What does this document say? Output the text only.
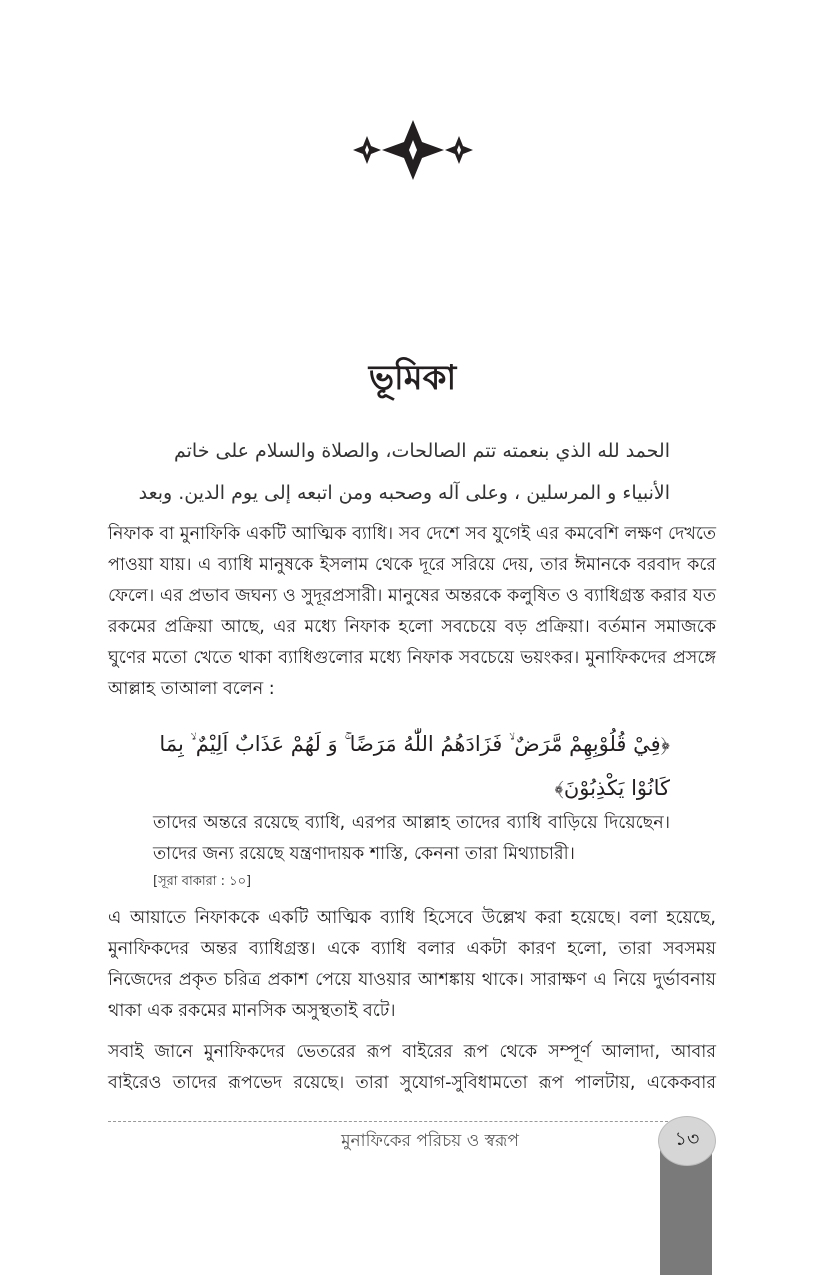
ভূমিকা
الحمد لله الذي بنعمته تتم الصالحات، والصلاة والسلام على خاتم
الأنبياء و المرسلين ، وعلى آله وصحبه ومن اتبعه إلى يوم الدين. وبعد

নিফাক বা মুনাফিকি একটি আত্মিক ব্যাধি। সব দেশে সব যুগেই এর কমবেশি লক্ষণ দেখতে পাওয়া যায়। এ ব্যাধি মানুষকে ইসলাম থেকে দূরে সরিয়ে দেয়, তার ঈমানকে বরবাদ করে ফেলে। এর প্রভাব জঘন্য ও সুদূরপ্রসারী। মানুষের অন্তরকে কলুষিত ও ব্যাধিগ্রস্ত করার যত রকমের প্রক্রিয়া আছে, এর মধ্যে নিফাক হলো সবচেয়ে বড় প্রক্রিয়া। বর্তমান সমাজকে ঘুণের মতো খেতে থাকা ব্যাধিগুলোর মধ্যে নিফাক সবচেয়ে ভয়ংকর। মুনাফিকদের প্রসঙ্গে আল্লাহ তাআলা বলেন :

﴿فِيْ قُلُوْبِهِمْ مَّرَضٌ ۙ فَزَادَهُمُ اللّٰهُ مَرَضًا ۚ وَ لَهُمْ عَذَابٌ اَلِيْمٌ ۙ بِمَا كَانُوْا يَكْذِبُوْنَ﴾

তাদের অন্তরে রয়েছে ব্যাধি, এরপর আল্লাহ তাদের ব্যাধি বাড়িয়ে দিয়েছেন। তাদের জন্য রয়েছে যন্ত্রণাদায়ক শাস্তি, কেননা তারা মিথ্যাচারী।

[সূরা বাকারা : ১০]

এ আয়াতে নিফাককে একটি আত্মিক ব্যাধি হিসেবে উল্লেখ করা হয়েছে। বলা হয়েছে, মুনাফিকদের অন্তর ব্যাধিগ্রস্ত। একে ব্যাধি বলার একটা কারণ হলো, তারা সবসময় নিজেদের প্রকৃত চরিত্র প্রকাশ পেয়ে যাওয়ার আশঙ্কায় থাকে। সারাক্ষণ এ নিয়ে দুর্ভাবনায় থাকা এক রকমের মানসিক অসুস্থতাই বটে।

সবাই জানে মুনাফিকদের ভেতরের রূপ বাইরের রূপ থেকে সম্পূর্ণ আলাদা, আবার বাইরেও তাদের রূপভেদ রয়েছে। তারা সুযোগ-সুবিধামতো রূপ পালটায়, একেকবার

মুনাফিকের পরিচয় ও স্বরূপ	১৩
